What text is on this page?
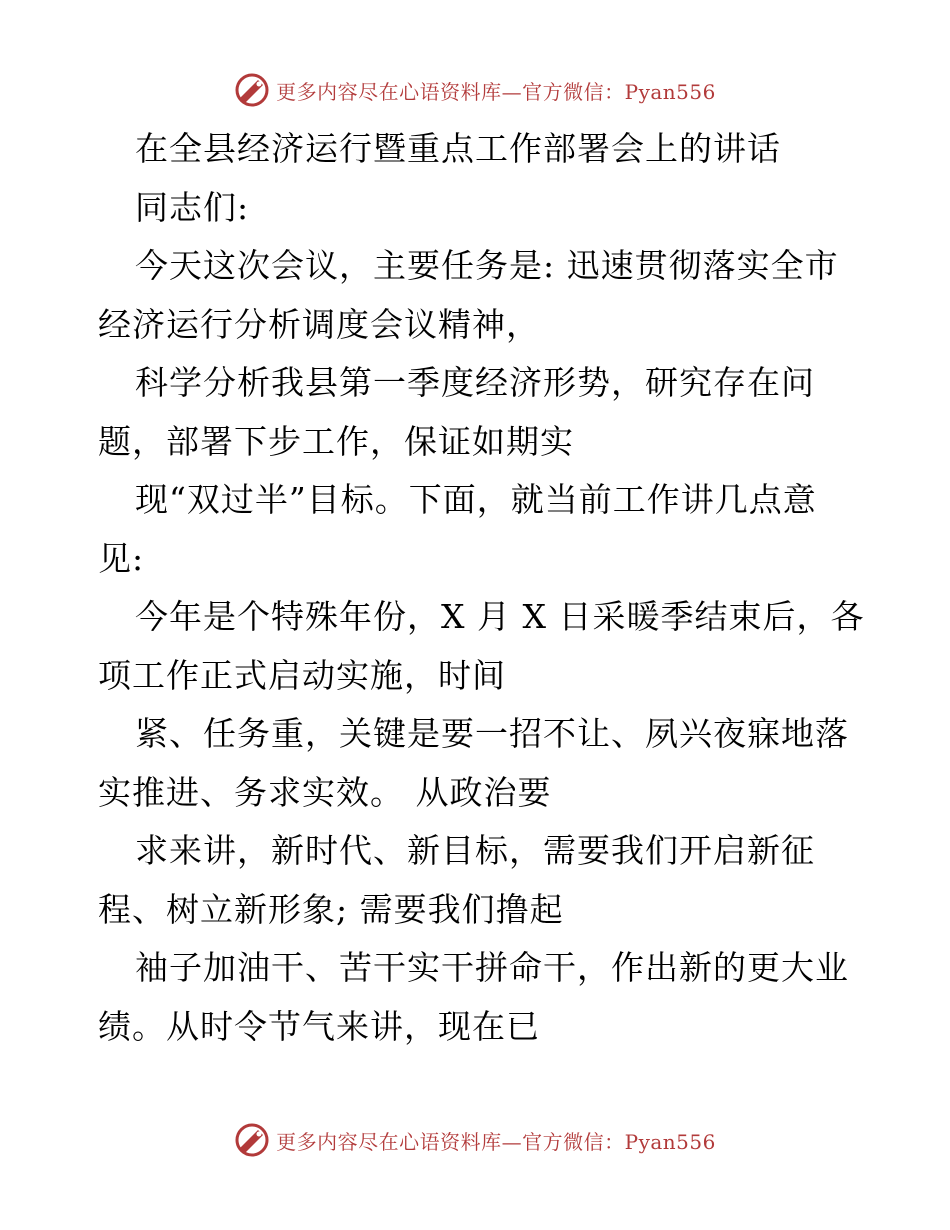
更多内容尽在心语资料库—官方微信：Pyan556
在全县经济运行暨重点工作部署会上的讲话
同志们:
今天这次会议，主要任务是: 迅速贯彻落实全市
经济运行分析调度会议精神，
科学分析我县第一季度经济形势，研究存在问
题，部署下步工作，保证如期实
现“双过半”目标。下面，就当前工作讲几点意
见:
今年是个特殊年份，X 月 X 日采暖季结束后，各
项工作正式启动实施，时间
紧、任务重，关键是要一招不让、夙兴夜寐地落
实推进、务求实效。 从政治要
求来讲，新时代、新目标，需要我们开启新征
程、树立新形象; 需要我们撸起
袖子加油干、苦干实干拼命干，作出新的更大业
绩。从时令节气来讲，现在已
更多内容尽在心语资料库—官方微信：Pyan556
